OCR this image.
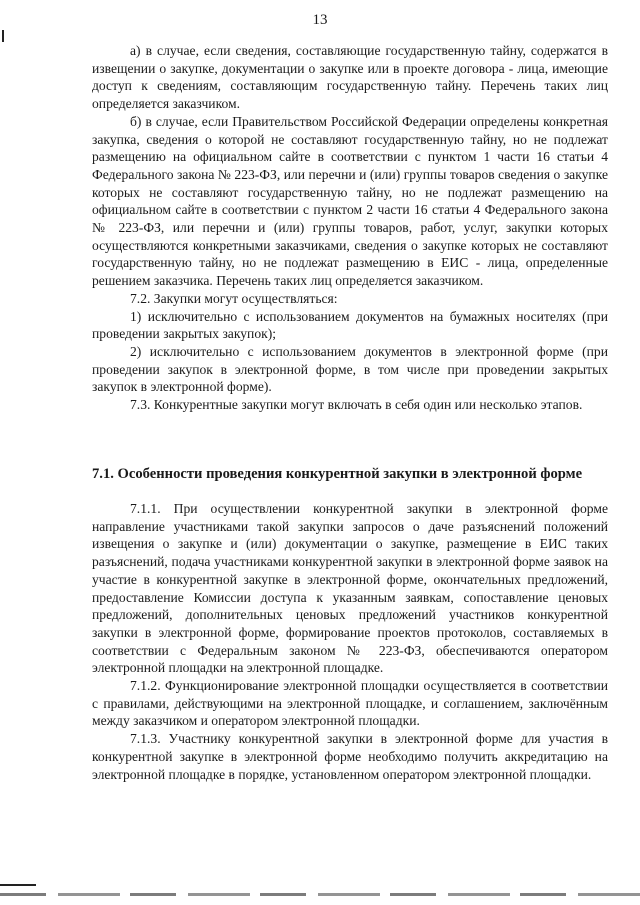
13

а) в случае, если сведения, составляющие государственную тайну, содержатся в извещении о закупке, документации о закупке или в проекте договора - лица, имеющие доступ к сведениям, составляющим государственную тайну. Перечень таких лиц определяется заказчиком.

б) в случае, если Правительством Российской Федерации определены конкретная закупка, сведения о которой не составляют государственную тайну, но не подлежат размещению на официальном сайте в соответствии с пунктом 1 части 16 статьи 4 Федерального закона № 223-ФЗ, или перечни и (или) группы товаров сведения о закупке которых не составляют государственную тайну, но не подлежат размещению на официальном сайте в соответствии с пунктом 2 части 16 статьи 4 Федерального закона № 223-ФЗ, или перечни и (или) группы товаров, работ, услуг, закупки которых осуществляются конкретными заказчиками, сведения о закупке которых не составляют государственную тайну, но не подлежат размещению в ЕИС - лица, определенные решением заказчика. Перечень таких лиц определяется заказчиком.

7.2. Закупки могут осуществляться:

1) исключительно с использованием документов на бумажных носителях (при проведении закрытых закупок);

2) исключительно с использованием документов в электронной форме (при проведении закупок в электронной форме, в том числе при проведении закрытых закупок в электронной форме).

7.3. Конкурентные закупки могут включать в себя один или несколько этапов.

7.1. Особенности проведения конкурентной закупки в электронной форме

7.1.1. При осуществлении конкурентной закупки в электронной форме направление участниками такой закупки запросов о даче разъяснений положений извещения о закупке и (или) документации о закупке, размещение в ЕИС таких разъяснений, подача участниками конкурентной закупки в электронной форме заявок на участие в конкурентной закупке в электронной форме, окончательных предложений, предоставление Комиссии доступа к указанным заявкам, сопоставление ценовых предложений, дополнительных ценовых предложений участников конкурентной закупки в электронной форме, формирование проектов протоколов, составляемых в соответствии с Федеральным законом № 223-ФЗ, обеспечиваются оператором электронной площадки на электронной площадке.

7.1.2. Функционирование электронной площадки осуществляется в соответствии с правилами, действующими на электронной площадке, и соглашением, заключённым между заказчиком и оператором электронной площадки.

7.1.3. Участнику конкурентной закупки в электронной форме для участия в конкурентной закупке в электронной форме необходимо получить аккредитацию на электронной площадке в порядке, установленном оператором электронной площадки.
